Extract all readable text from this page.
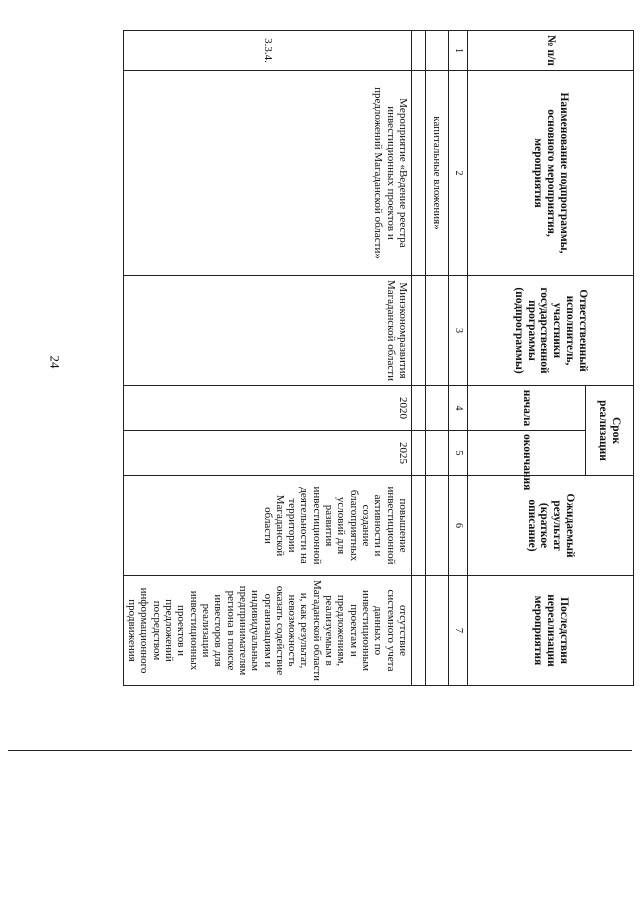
24
№ п/п	Наименование подпрограммы, основного мероприятия, мероприятия	Ответственный исполнитель, участники государственной программы (подпрограммы)	Срок реализации		Ожидаемый результат (краткое описание)	Последствия нереализации мероприятия
			начала	окончания		
1	2	3	4	5	6	7
	капитальные вложения»					

3.3.4.	Мероприятие «Ведение реестра инвестиционных проектов и предложений Магаданской области»	Минэкономразвития Магаданской области	2020	2025	повышение инвестиционной активности и создание благоприятных условий для развития инвестиционной деятельности на территории Магаданской области	отсутствие системного учета данных по инвестиционным проектам и предложениям, реализуемым в Магаданской области и, как результат, невозможность оказать содействие организациям и индивидуальным предпринимателям региона в поиске инвесторов для реализации инвестиционных проектов и предложений посредством информационного продвижения
